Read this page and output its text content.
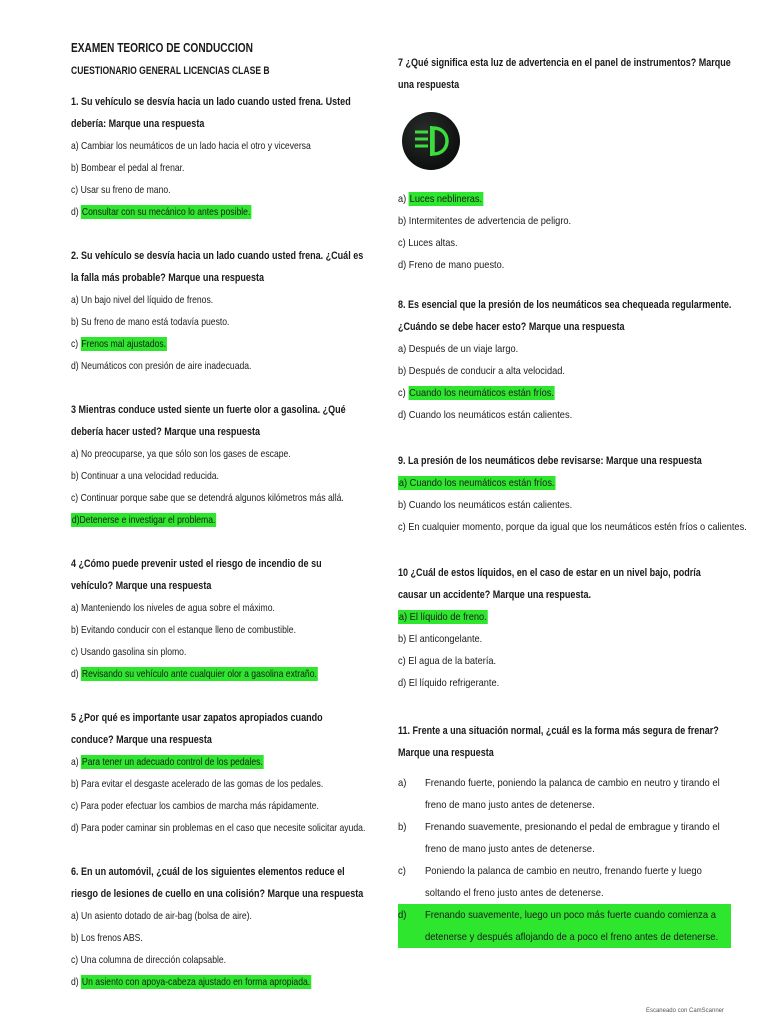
EXAMEN TEORICO DE CONDUCCION
CUESTIONARIO GENERAL LICENCIAS CLASE B
1. Su vehículo se desvía hacia un lado cuando usted frena. Usted debería: Marque una respuesta
a) Cambiar los neumáticos de un lado hacia el otro y viceversa
b) Bombear el pedal al frenar.
c) Usar su freno de mano.
d) Consultar con su mecánico lo antes posible.
2. Su vehículo se desvía hacia un lado cuando usted frena. ¿Cuál es la falla más probable? Marque una respuesta
a) Un bajo nivel del líquido de frenos.
b) Su freno de mano está todavía puesto.
c) Frenos mal ajustados.
d) Neumáticos con presión de aire inadecuada.
3 Mientras conduce usted siente un fuerte olor a gasolina. ¿Qué debería hacer usted? Marque una respuesta
a) No preocuparse, ya que sólo son los gases de escape.
b) Continuar a una velocidad reducida.
c) Continuar porque sabe que se detendrá algunos kilómetros más allá.
d)Detenerse e investigar el problema.
4 ¿Cómo puede prevenir usted el riesgo de incendio de su vehículo? Marque una respuesta
a) Manteniendo los niveles de agua sobre el máximo.
b) Evitando conducir con el estanque lleno de combustible.
c) Usando gasolina sin plomo.
d) Revisando su vehículo ante cualquier olor a gasolina extraño.
5 ¿Por qué es importante usar zapatos apropiados cuando conduce? Marque una respuesta
a) Para tener un adecuado control de los pedales.
b) Para evitar el desgaste acelerado de las gomas de los pedales.
c) Para poder efectuar los cambios de marcha más rápidamente.
d) Para poder caminar sin problemas en el caso que necesite solicitar ayuda.
6. En un automóvil, ¿cuál de los siguientes elementos reduce el riesgo de lesiones de cuello en una colisión? Marque una respuesta
a) Un asiento dotado de air-bag (bolsa de aire).
b) Los frenos ABS.
c) Una columna de dirección colapsable.
d) Un asiento con apoya-cabeza ajustado en forma apropiada.
7 ¿Qué significa esta luz de advertencia en el panel de instrumentos? Marque una respuesta
a) Luces neblineras.
b) Intermitentes de advertencia de peligro.
c) Luces altas.
d) Freno de mano puesto.
8. Es esencial que la presión de los neumáticos sea chequeada regularmente. ¿Cuándo se debe hacer esto? Marque una respuesta
a) Después de un viaje largo.
b) Después de conducir a alta velocidad.
c) Cuando los neumáticos están fríos.
d) Cuando los neumáticos están calientes.
9. La presión de los neumáticos debe revisarse: Marque una respuesta
a) Cuando los neumáticos están fríos.
b) Cuando los neumáticos están calientes.
c) En cualquier momento, porque da igual que los neumáticos estén fríos o calientes.
10 ¿Cuál de estos líquidos, en el caso de estar en un nivel bajo, podría causar un accidente? Marque una respuesta.
a) El líquido de freno.
b) El anticongelante.
c) El agua de la batería.
d) El líquido refrigerante.
11. Frente a una situación normal, ¿cuál es la forma más segura de frenar? Marque una respuesta
a)	Frenando fuerte, poniendo la palanca de cambio en neutro y tirando el freno de mano justo antes de detenerse.
b)	Frenando suavemente, presionando el pedal de embrague y tirando el freno de mano justo antes de detenerse.
c)	Poniendo la palanca de cambio en neutro, frenando fuerte y luego soltando el freno justo antes de detenerse.
d)	Frenando suavemente, luego un poco más fuerte cuando comienza a detenerse y después aflojando de a poco el freno antes de detenerse.
Escaneado con CamScanner
